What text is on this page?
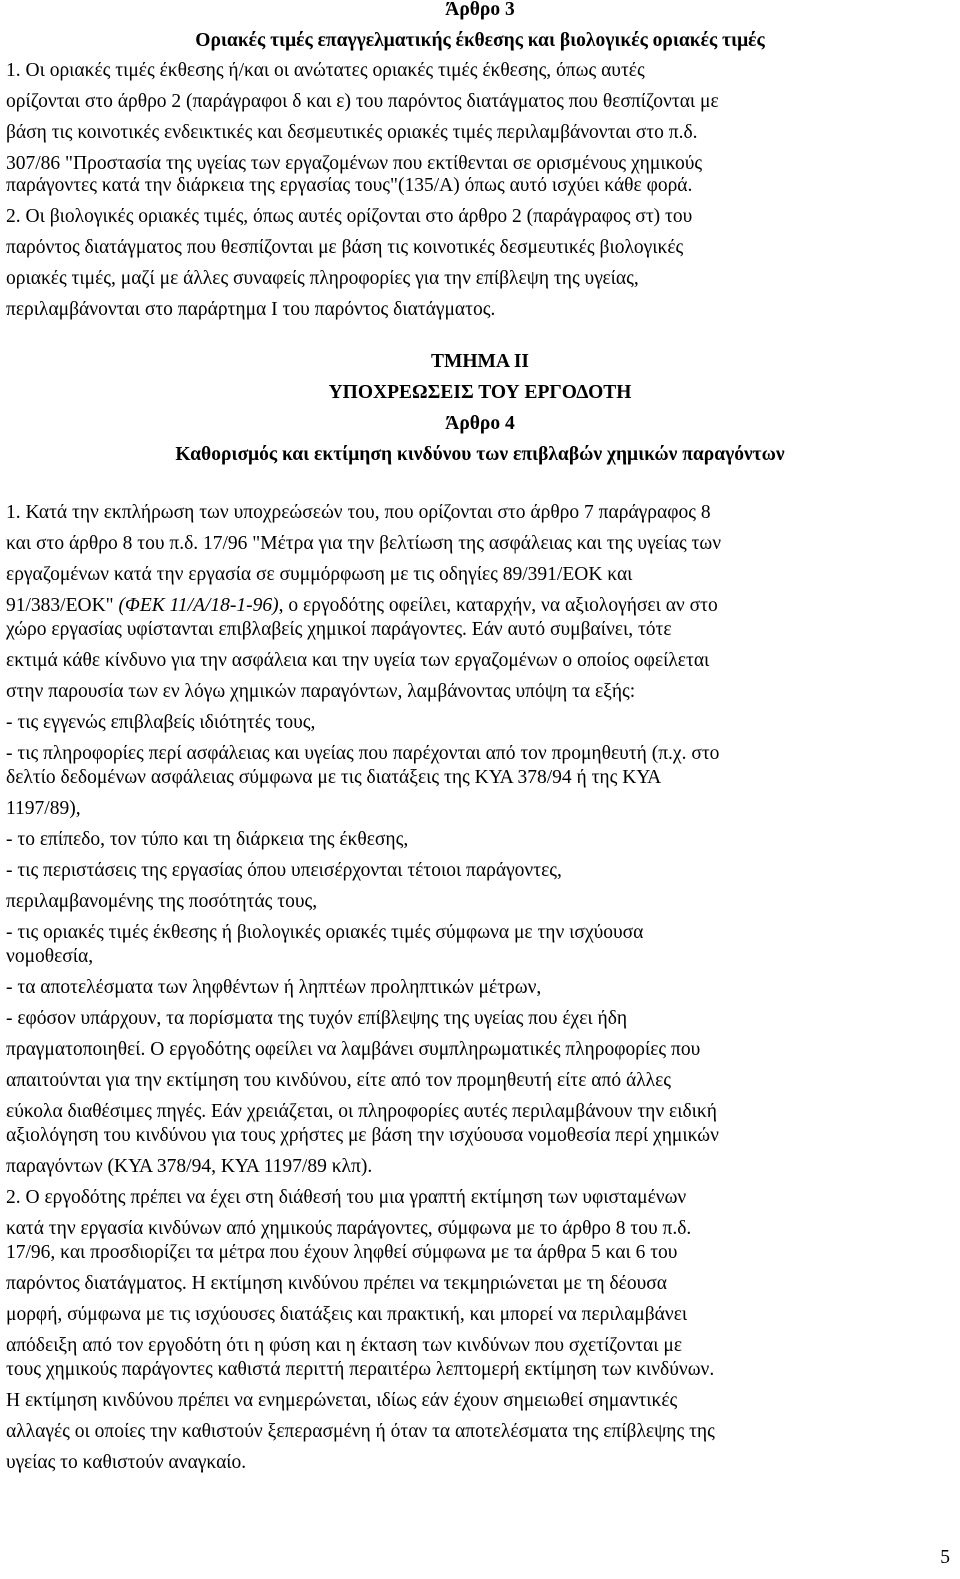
Άρθρο 3
Οριακές τιμές επαγγελματικής έκθεσης και βιολογικές οριακές τιμές
1. Οι οριακές τιμές έκθεσης ή/και οι ανώτατες οριακές τιμές έκθεσης, όπως αυτές
ορίζονται στο άρθρο 2 (παράγραφοι δ και ε) του παρόντος διατάγματος που θεσπίζονται με
βάση τις κοινοτικές ενδεικτικές και δεσμευτικές οριακές τιμές περιλαμβάνονται στο π.δ.
307/86 "Προστασία της υγείας των εργαζομένων που εκτίθενται σε ορισμένους χημικούς
παράγοντες κατά την διάρκεια της εργασίας τους"(135/Α) όπως αυτό ισχύει κάθε φορά.
2. Οι βιολογικές οριακές τιμές, όπως αυτές ορίζονται στο άρθρο 2 (παράγραφος στ) του
παρόντος διατάγματος που θεσπίζονται με βάση τις κοινοτικές δεσμευτικές βιολογικές
οριακές τιμές, μαζί με άλλες συναφείς πληροφορίες για την επίβλεψη της υγείας,
περιλαμβάνονται στο παράρτημα Ι του παρόντος διατάγματος.
ΤΜΗΜΑ ΙΙ
ΥΠΟΧΡΕΩΣΕΙΣ ΤΟΥ ΕΡΓΟΔΟΤΗ
Άρθρο 4
Καθορισμός και εκτίμηση κινδύνου των επιβλαβών χημικών παραγόντων
1. Κατά την εκπλήρωση των υποχρεώσεών του, που ορίζονται στο άρθρο 7 παράγραφος 8
και στο άρθρο 8 του π.δ. 17/96 "Μέτρα για την βελτίωση της ασφάλειας και της υγείας των
εργαζομένων κατά την εργασία σε συμμόρφωση με τις οδηγίες 89/391/ΕΟΚ και
91/383/ΕΟΚ" (ΦΕΚ 11/Α/18-1-96), ο εργοδότης οφείλει, καταρχήν, να αξιολογήσει αν στο
χώρο εργασίας υφίστανται επιβλαβείς χημικοί παράγοντες. Εάν αυτό συμβαίνει, τότε
εκτιμά κάθε κίνδυνο για την ασφάλεια και την υγεία των εργαζομένων ο οποίος οφείλεται
στην παρουσία των εν λόγω χημικών παραγόντων, λαμβάνοντας υπόψη τα εξής:
- τις εγγενώς επιβλαβείς ιδιότητές τους,
- τις πληροφορίες περί ασφάλειας και υγείας που παρέχονται από τον προμηθευτή (π.χ. στο
δελτίο δεδομένων ασφάλειας σύμφωνα με τις διατάξεις της ΚΥΑ 378/94 ή της ΚΥΑ
1197/89),
- το επίπεδο, τον τύπο και τη διάρκεια της έκθεσης,
- τις περιστάσεις της εργασίας όπου υπεισέρχονται τέτοιοι παράγοντες,
περιλαμβανομένης της ποσότητάς τους,
- τις οριακές τιμές έκθεσης ή βιολογικές οριακές τιμές σύμφωνα με την ισχύουσα
νομοθεσία,
- τα αποτελέσματα των ληφθέντων ή ληπτέων προληπτικών μέτρων,
- εφόσον υπάρχουν, τα πορίσματα της τυχόν επίβλεψης της υγείας που έχει ήδη
πραγματοποιηθεί. Ο εργοδότης οφείλει να λαμβάνει συμπληρωματικές πληροφορίες που
απαιτούνται για την εκτίμηση του κινδύνου, είτε από τον προμηθευτή είτε από άλλες
εύκολα διαθέσιμες πηγές. Εάν χρειάζεται, οι πληροφορίες αυτές περιλαμβάνουν την ειδική
αξιολόγηση του κινδύνου για τους χρήστες με βάση την ισχύουσα νομοθεσία περί χημικών
παραγόντων (ΚΥΑ 378/94, ΚΥΑ 1197/89 κλπ).
2. Ο εργοδότης πρέπει να έχει στη διάθεσή του μια γραπτή εκτίμηση των υφισταμένων
κατά την εργασία κινδύνων από χημικούς παράγοντες, σύμφωνα με το άρθρο 8 του π.δ.
17/96, και προσδιορίζει τα μέτρα που έχουν ληφθεί σύμφωνα με τα άρθρα 5 και 6 του
παρόντος διατάγματος. Η εκτίμηση κινδύνου πρέπει να τεκμηριώνεται με τη δέουσα
μορφή, σύμφωνα με τις ισχύουσες διατάξεις και πρακτική, και μπορεί να περιλαμβάνει
απόδειξη από τον εργοδότη ότι η φύση και η έκταση των κινδύνων που σχετίζονται με
τους χημικούς παράγοντες καθιστά περιττή περαιτέρω λεπτομερή εκτίμηση των κινδύνων.
Η εκτίμηση κινδύνου πρέπει να ενημερώνεται, ιδίως εάν έχουν σημειωθεί σημαντικές
αλλαγές οι οποίες την καθιστούν ξεπερασμένη ή όταν τα αποτελέσματα της επίβλεψης της
υγείας το καθιστούν αναγκαίο.
5
